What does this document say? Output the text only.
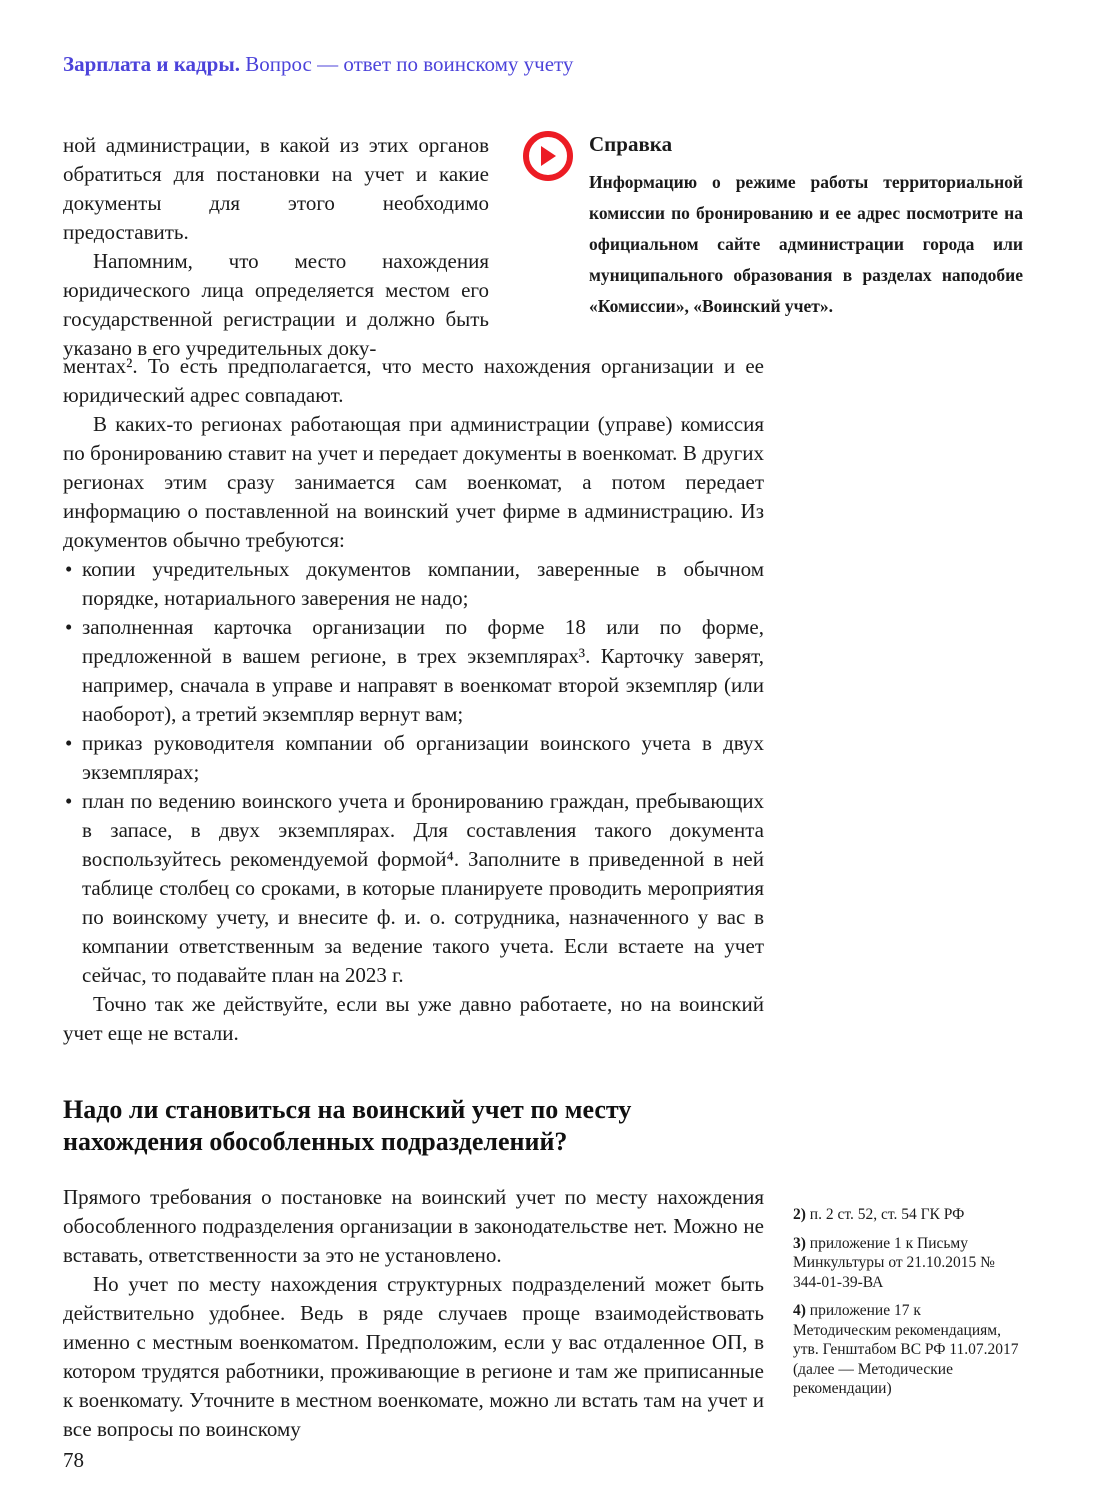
Зарплата и кадры. Вопрос — ответ по воинскому учету

ной администрации, в какой из этих органов обратиться для постановки на учет и какие документы для этого необходимо предоставить.

Напомним, что место нахождения юридического лица определяется местом его государственной регистрации и должно быть указано в его учредительных доку-

Справка

Информацию о режиме работы территориальной комиссии по бронированию и ее адрес посмотрите на официальном сайте администрации города или муниципального образования в разделах наподобие «Комиссии», «Воинский учет».

ментах². То есть предполагается, что место нахождения организации и ее юридический адрес совпадают.

В каких-то регионах работающая при администрации (управе) комиссия по бронированию ставит на учет и передает документы в военкомат. В других регионах этим сразу занимается сам военкомат, а потом передает информацию о поставленной на воинский учет фирме в администрацию. Из документов обычно требуются:

• копии учредительных документов компании, заверенные в обычном порядке, нотариального заверения не надо;
• заполненная карточка организации по форме 18 или по форме, предложенной в вашем регионе, в трех экземплярах³. Карточку заверят, например, сначала в управе и направят в военкомат второй экземпляр (или наоборот), а третий экземпляр вернут вам;
• приказ руководителя компании об организации воинского учета в двух экземплярах;
• план по ведению воинского учета и бронированию граждан, пребывающих в запасе, в двух экземплярах. Для составления такого документа воспользуйтесь рекомендуемой формой⁴. Заполните в приведенной в ней таблице столбец со сроками, в которые планируете проводить мероприятия по воинскому учету, и внесите ф. и. о. сотрудника, назначенного у вас в компании ответственным за ведение такого учета. Если встаете на учет сейчас, то подавайте план на 2023 г.

Точно так же действуйте, если вы уже давно работаете, но на воинский учет еще не встали.

Надо ли становиться на воинский учет по месту нахождения обособленных подразделений?

Прямого требования о постановке на воинский учет по месту нахождения обособленного подразделения организации в законодательстве нет. Можно не вставать, ответственности за это не установлено.

Но учет по месту нахождения структурных подразделений может быть действительно удобнее. Ведь в ряде случаев проще взаимодействовать именно с местным военкоматом. Предположим, если у вас отдаленное ОП, в котором трудятся работники, проживающие в регионе и там же приписанные к военкомату. Уточните в местном военкомате, можно ли встать там на учет и все вопросы по воинскому

2) п. 2 ст. 52, ст. 54 ГК РФ

3) приложение 1 к Письму Минкультуры от 21.10.2015 № 344-01-39-ВА

4) приложение 17 к Методическим рекомендациям, утв. Генштабом ВС РФ 11.07.2017 (далее — Методические рекомендации)

78
